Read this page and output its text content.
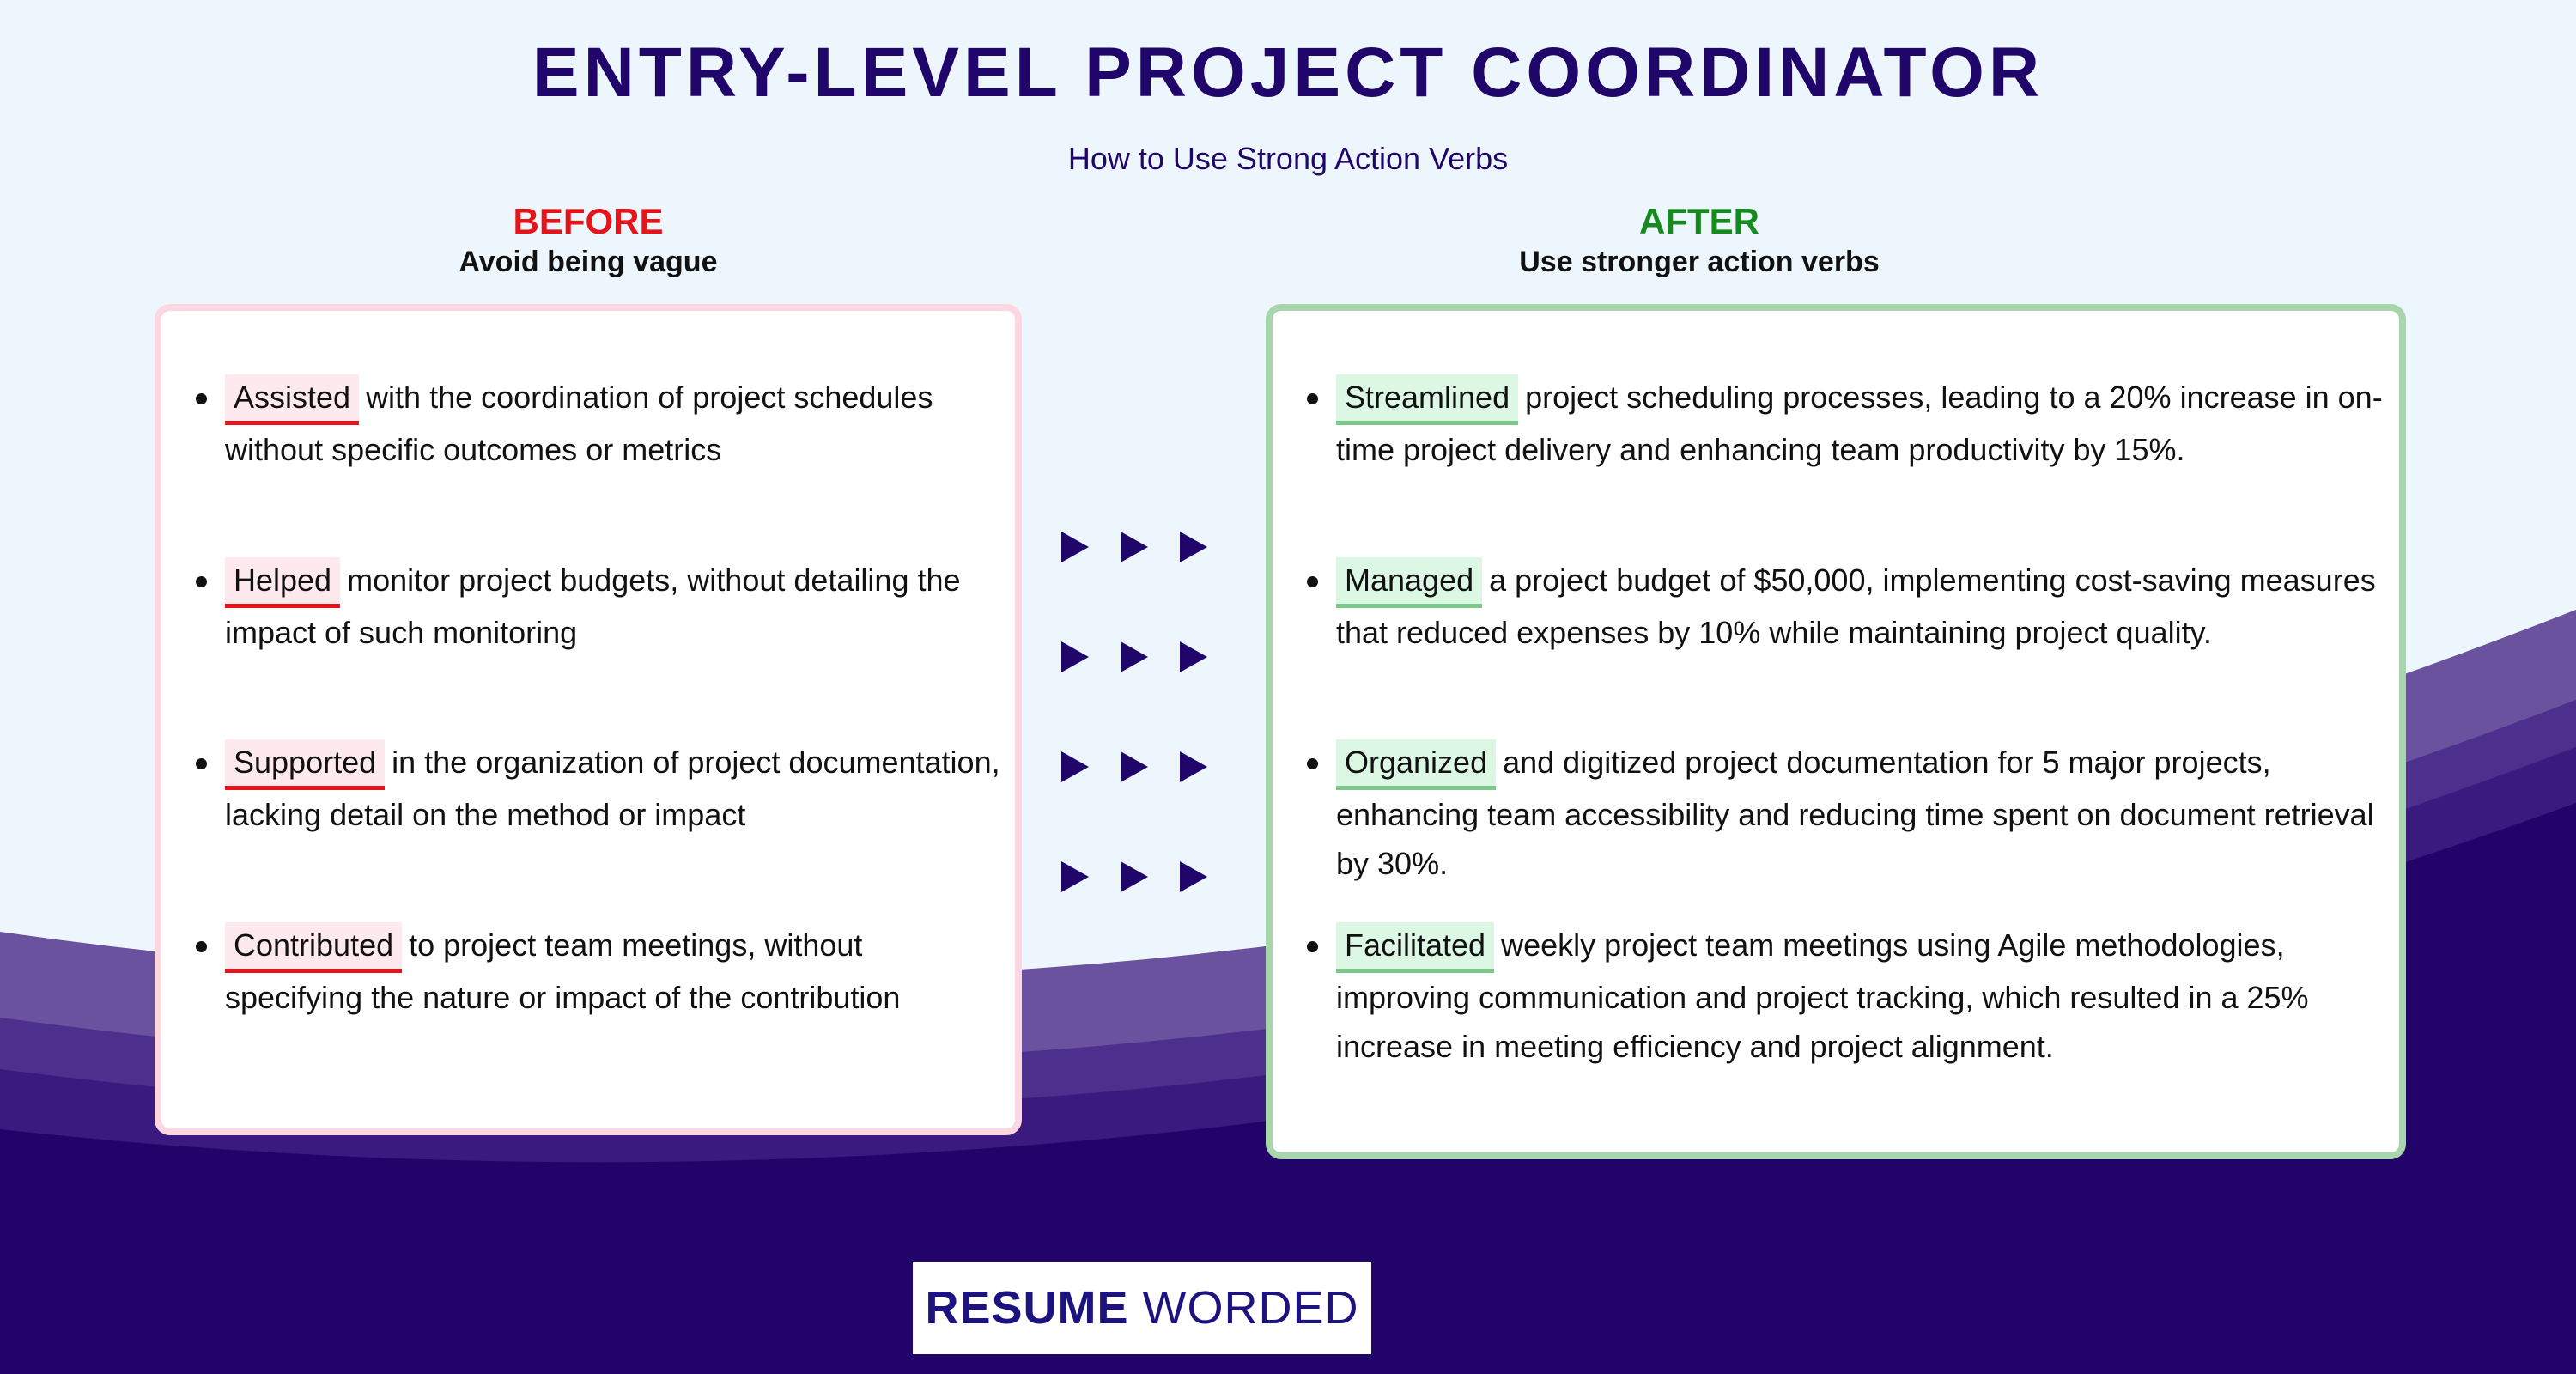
ENTRY-LEVEL PROJECT COORDINATOR
How to Use Strong Action Verbs
BEFORE
Avoid being vague
AFTER
Use stronger action verbs
Assisted with the coordination of project schedules without specific outcomes or metrics
Helped monitor project budgets, without detailing the impact of such monitoring
Supported in the organization of project documentation, lacking detail on the method or impact
Contributed to project team meetings, without specifying the nature or impact of the contribution
Streamlined project scheduling processes, leading to a 20% increase in on-time project delivery and enhancing team productivity by 15%.
Managed a project budget of $50,000, implementing cost-saving measures that reduced expenses by 10% while maintaining project quality.
Organized and digitized project documentation for 5 major projects, enhancing team accessibility and reducing time spent on document retrieval by 30%.
Facilitated weekly project team meetings using Agile methodologies, improving communication and project tracking, which resulted in a 25% increase in meeting efficiency and project alignment.
RESUME WORDED
